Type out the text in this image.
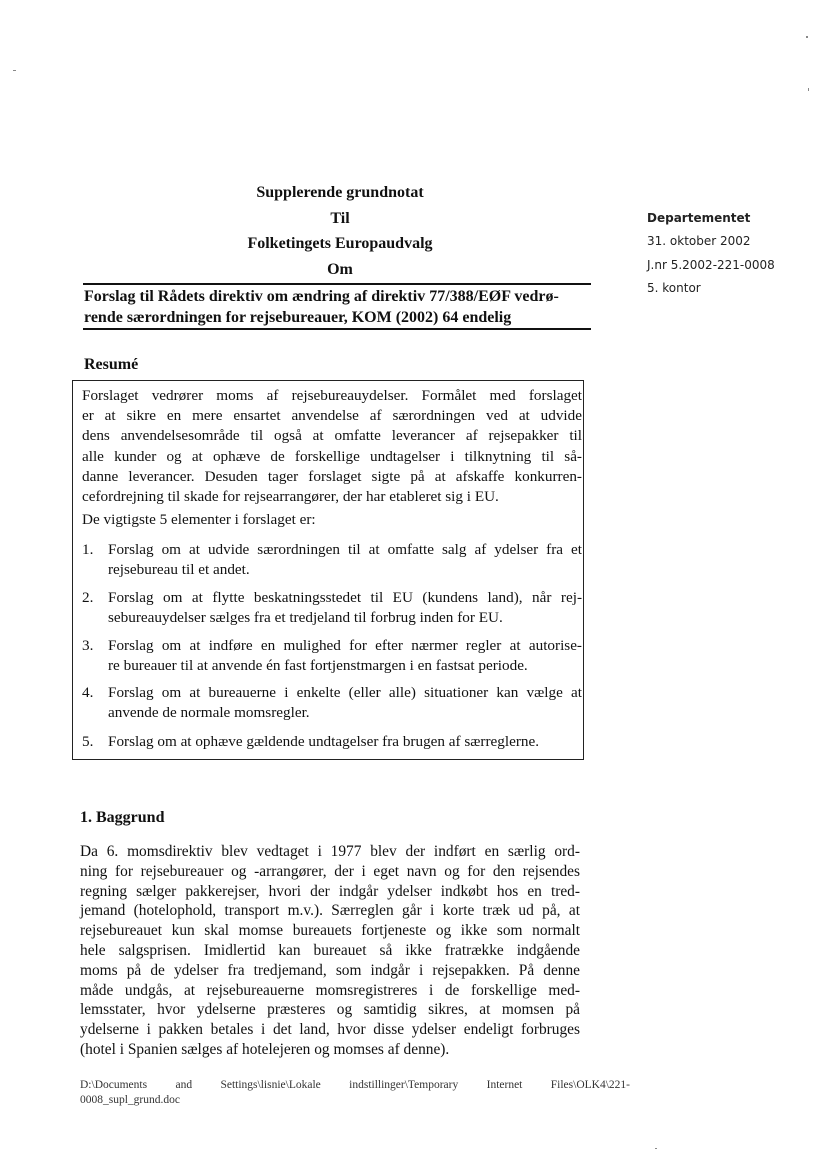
Supplerende grundnotat
Til
Folketingets Europaudvalg
Om
Departementet
31. oktober 2002
J.nr 5.2002-221-0008
5. kontor
Forslag til Rådets direktiv om ændring af direktiv 77/388/EØF vedrø-
rende særordningen for rejsebureauer, KOM (2002) 64 endelig
Resumé
Forslaget vedrører moms af rejsebureauydelser. Formålet med forslaget
er at sikre en mere ensartet anvendelse af særordningen ved at udvide
dens anvendelsesområde til også at omfatte leverancer af rejsepakker til
alle kunder og at ophæve de forskellige undtagelser i tilknytning til så-
danne leverancer. Desuden tager forslaget sigte på at afskaffe konkurren-
cefordrejning til skade for rejsearrangører, der har etableret sig i EU.
De vigtigste 5 elementer i forslaget er:
1. Forslag om at udvide særordningen til at omfatte salg af ydelser fra et
rejsebureau til et andet.
2. Forslag om at flytte beskatningsstedet til EU (kundens land), når rej-
sebureauydelser sælges fra et tredjeland til forbrug inden for EU.
3. Forslag om at indføre en mulighed for efter nærmer regler at autorise-
re bureauer til at anvende én fast fortjenstmargen i en fastsat periode.
4. Forslag om at bureauerne i enkelte (eller alle) situationer kan vælge at
anvende de normale momsregler.
5. Forslag om at ophæve gældende undtagelser fra brugen af særreglerne.
1. Baggrund
Da 6. momsdirektiv blev vedtaget i 1977 blev der indført en særlig ord-
ning for rejsebureauer og -arrangører, der i eget navn og for den rejsendes
regning sælger pakkerejser, hvori der indgår ydelser indkøbt hos en tred-
jemand (hotelophold, transport m.v.). Særreglen går i korte træk ud på, at
rejsebureauet kun skal momse bureauets fortjeneste og ikke som normalt
hele salgsprisen. Imidlertid kan bureauet så ikke fratrække indgående
moms på de ydelser fra tredjemand, som indgår i rejsepakken. På denne
måde undgås, at rejsebureauerne momsregistreres i de forskellige med-
lemsstater, hvor ydelserne præsteres og samtidig sikres, at momsen på
ydelserne i pakken betales i det land, hvor disse ydelser endeligt forbruges
(hotel i Spanien sælges af hotelejeren og momses af denne).
D:\Documents and Settings\lisnie\Lokale indstillinger\Temporary Internet Files\OLK4\221-
0008_supl_grund.doc
